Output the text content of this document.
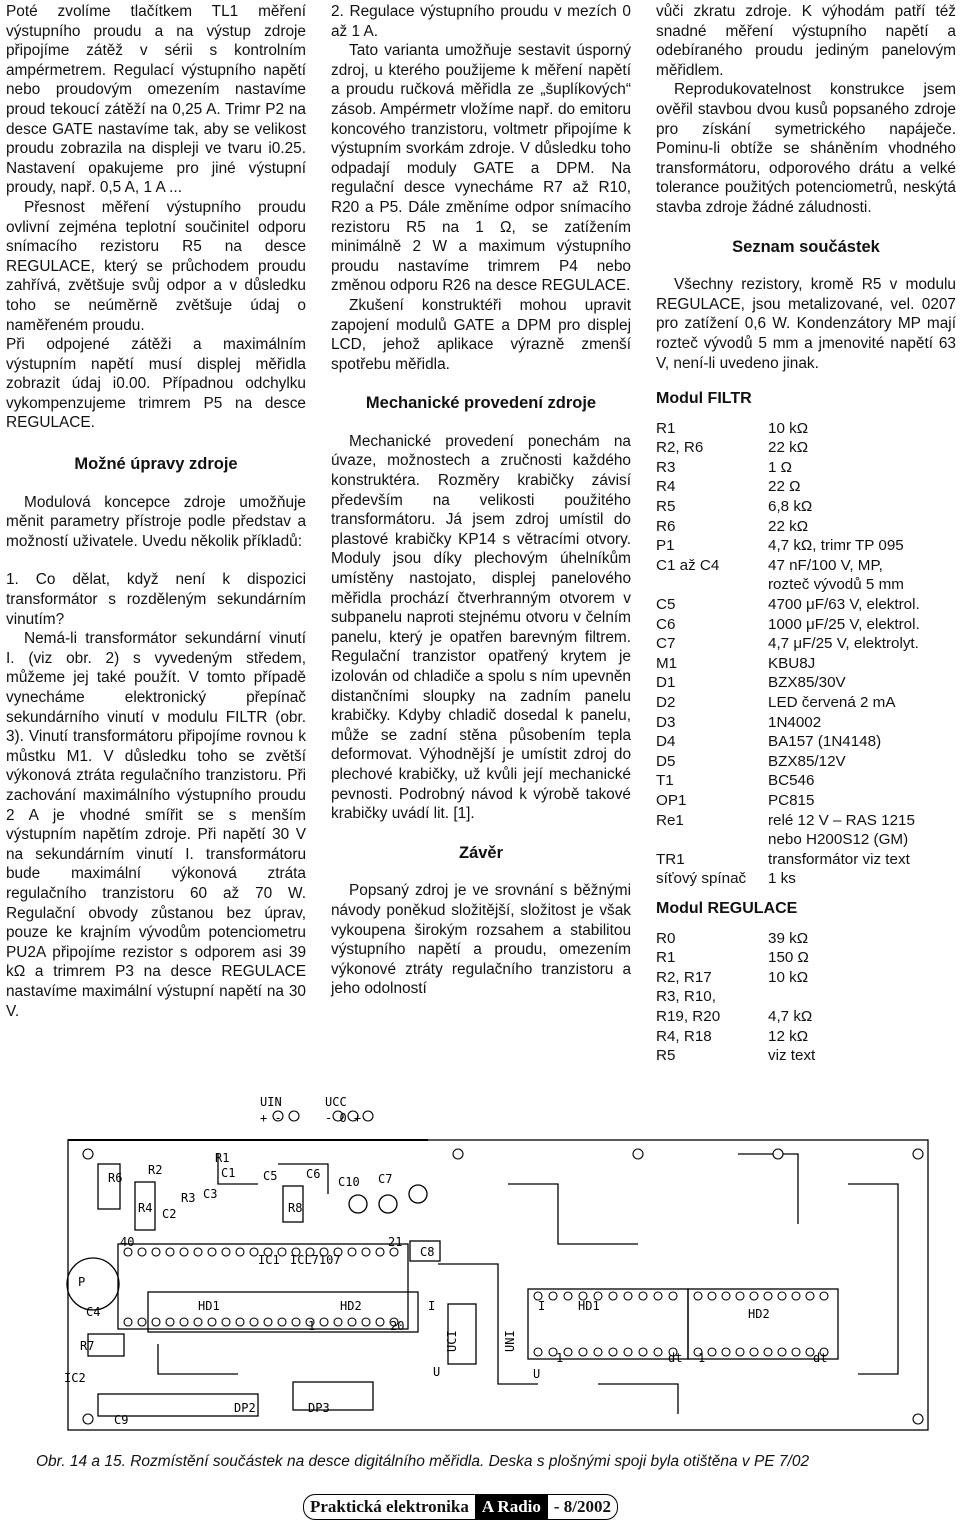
Poté zvolíme tlačítkem TL1 měření výstupního proudu a na výstup zdroje připojíme zátěž v sérii s kontrolním ampérmetrem. Regulací výstupního napětí nebo proudovým omezením nastavíme proud tekoucí zátěží na 0,25 A. Trimr P2 na desce GATE nastavíme tak, aby se velikost proudu zobrazila na displeji ve tvaru i0.25. Nastavení opakujeme pro jiné výstupní proudy, např. 0,5 A, 1 A ...

Přesnost měření výstupního proudu ovlivní zejména teplotní součinitel odporu snímacího rezistoru R5 na desce REGULACE, který se průchodem proudu zahřívá, zvětšuje svůj odpor a v důsledku toho se neúměrně zvětšuje údaj o naměřeném proudu.

Při odpojené zátěži a maximálním výstupním napětí musí displej měřidla zobrazit údaj i0.00. Případnou odchylku vykompenzujeme trimrem P5 na desce REGULACE.

Možné úpravy zdroje

Modulová koncepce zdroje umožňuje měnit parametry přístroje podle představ a možností uživatele. Uvedu několik příkladů:

1. Co dělat, když není k dispozici transformátor s rozděleným sekundárním vinutím?

Nemá-li transformátor sekundární vinutí I. (viz obr. 2) s vyvedeným středem, můžeme jej také použít. V tomto případě vynecháme elektronický přepínač sekundárního vinutí v modulu FILTR (obr. 3). Vinutí transformátoru připojíme rovnou k můstku M1. V důsledku toho se zvětší výkonová ztráta regulačního tranzistoru. Při zachování maximálního výstupního proudu 2 A je vhodné smířit se s menším výstupním napětím zdroje. Při napětí 30 V na sekundárním vinutí I. transformátoru bude maximální výkonová ztráta regulačního tranzistoru 60 až 70 W. Regulační obvody zůstanou bez úprav, pouze ke krajním vývodům potenciometru PU2A připojíme rezistor s odporem asi 39 kΩ a trimrem P3 na desce REGULACE nastavíme maximální výstupní napětí na 30 V.

2. Regulace výstupního proudu v mezích 0 až 1 A.

Tato varianta umožňuje sestavit úsporný zdroj, u kterého použijeme k měření napětí a proudu ručková měřidla ze „šuplíkových“ zásob. Ampérmetr vložíme např. do emitoru koncového tranzistoru, voltmetr připojíme k výstupním svorkám zdroje. V důsledku toho odpadají moduly GATE a DPM. Na regulační desce vynecháme R7 až R10, R20 a P5. Dále změníme odpor snímacího rezistoru R5 na 1 Ω, se zatížením minimálně 2 W a maximum výstupního proudu nastavíme trimrem P4 nebo změnou odporu R26 na desce REGULACE.

Zkušení konstruktéři mohou upravit zapojení modulů GATE a DPM pro displej LCD, jehož aplikace výrazně zmenší spotřebu měřidla.

Mechanické provedení zdroje

Mechanické provedení ponechám na úvaze, možnostech a zručnosti každého konstruktéra. Rozměry krabičky závisí především na velikosti použitého transformátoru. Já jsem zdroj umístil do plastové krabičky KP14 s větracími otvory. Moduly jsou díky plechovým úhelníkům umístěny nastojato, displej panelového měřidla prochází čtverhranným otvorem v subpanelu naproti stejnému otvoru v čelním panelu, který je opatřen barevným filtrem. Regulační tranzistor opatřený krytem je izolován od chladiče a spolu s ním upevněn distančními sloupky na zadním panelu krabičky. Kdyby chladič dosedal k panelu, může se zadní stěna působením tepla deformovat. Výhodnější je umístit zdroj do plechové krabičky, už kvůli její mechanické pevnosti. Podrobný návod k výrobě takové krabičky uvádí lit. [1].

Závěr

Popsaný zdroj je ve srovnání s běžnými návody poněkud složitější, složitost je však vykoupena širokým rozsahem a stabilitou výstupního napětí a proudu, omezením výkonové ztráty regulačního tranzistoru a jeho odolností

vůči zkratu zdroje. K výhodám patří též snadné měření výstupního napětí a odebíraného proudu jediným panelovým měřidlem.

Reprodukovatelnost konstrukce jsem ověřil stavbou dvou kusů popsaného zdroje pro získání symetrického napáječe. Pominu-li obtíže se sháněním vhodného transformátoru, odporového drátu a velké tolerance použitých potenciometrů, neskýtá stavba zdroje žádné záludnosti.

Seznam součástek

Všechny rezistory, kromě R5 v modulu REGULACE, jsou metalizované, vel. 0207 pro zatížení 0,6 W. Kondenzátory MP mají rozteč vývodů 5 mm a jmenovité napětí 63 V, není-li uvedeno jinak.

Modul FILTR
R1	10 kΩ
R2, R6	22 kΩ
R3	1 Ω
R4	22 Ω
R5	6,8 kΩ
R6	22 kΩ
P1	4,7 kΩ, trimr TP 095
C1 až C4	47 nF/100 V, MP,
rozteč vývodů 5 mm
C5	4700 μF/63 V, elektrol.
C6	1000 μF/25 V, elektrol.
C7	4,7 μF/25 V, elektrolyt.
M1	KBU8J
D1	BZX85/30V
D2	LED červená 2 mA
D3	1N4002
D4	BA157 (1N4148)
D5	BZX85/12V
T1	BC546
OP1	PC815
Re1	relé 12 V – RAS 1215
nebo H200S12 (GM)
TR1	transformátor viz text
síťový spínač	1 ks
Modul REGULACE
R0	39 kΩ
R1	150 Ω
R2, R17	10 kΩ
R3, R10,
R19, R20	4,7 kΩ
R4, R18	12 kΩ
R5	viz text
UIN
+ -
UCC
- 0 +
R6
R2
R1
C1 C5 C6
C10 C7
R4
R3 C3
C2	R8
40	21
C8
IC1 ICL7107
P
C4	HD1	HD2
1	20
I
U
R7
IC2
C9
DP2	DP3
UCI	UNI
I	HD1
HD2
1	dt 1	dt
U
Obr. 14 a 15. Rozmístění součástek na desce digitálního měřidla. Deska s plošnými spoji byla otištěna v PE 7/02
Praktická elektronika A Radio - 8/2002
